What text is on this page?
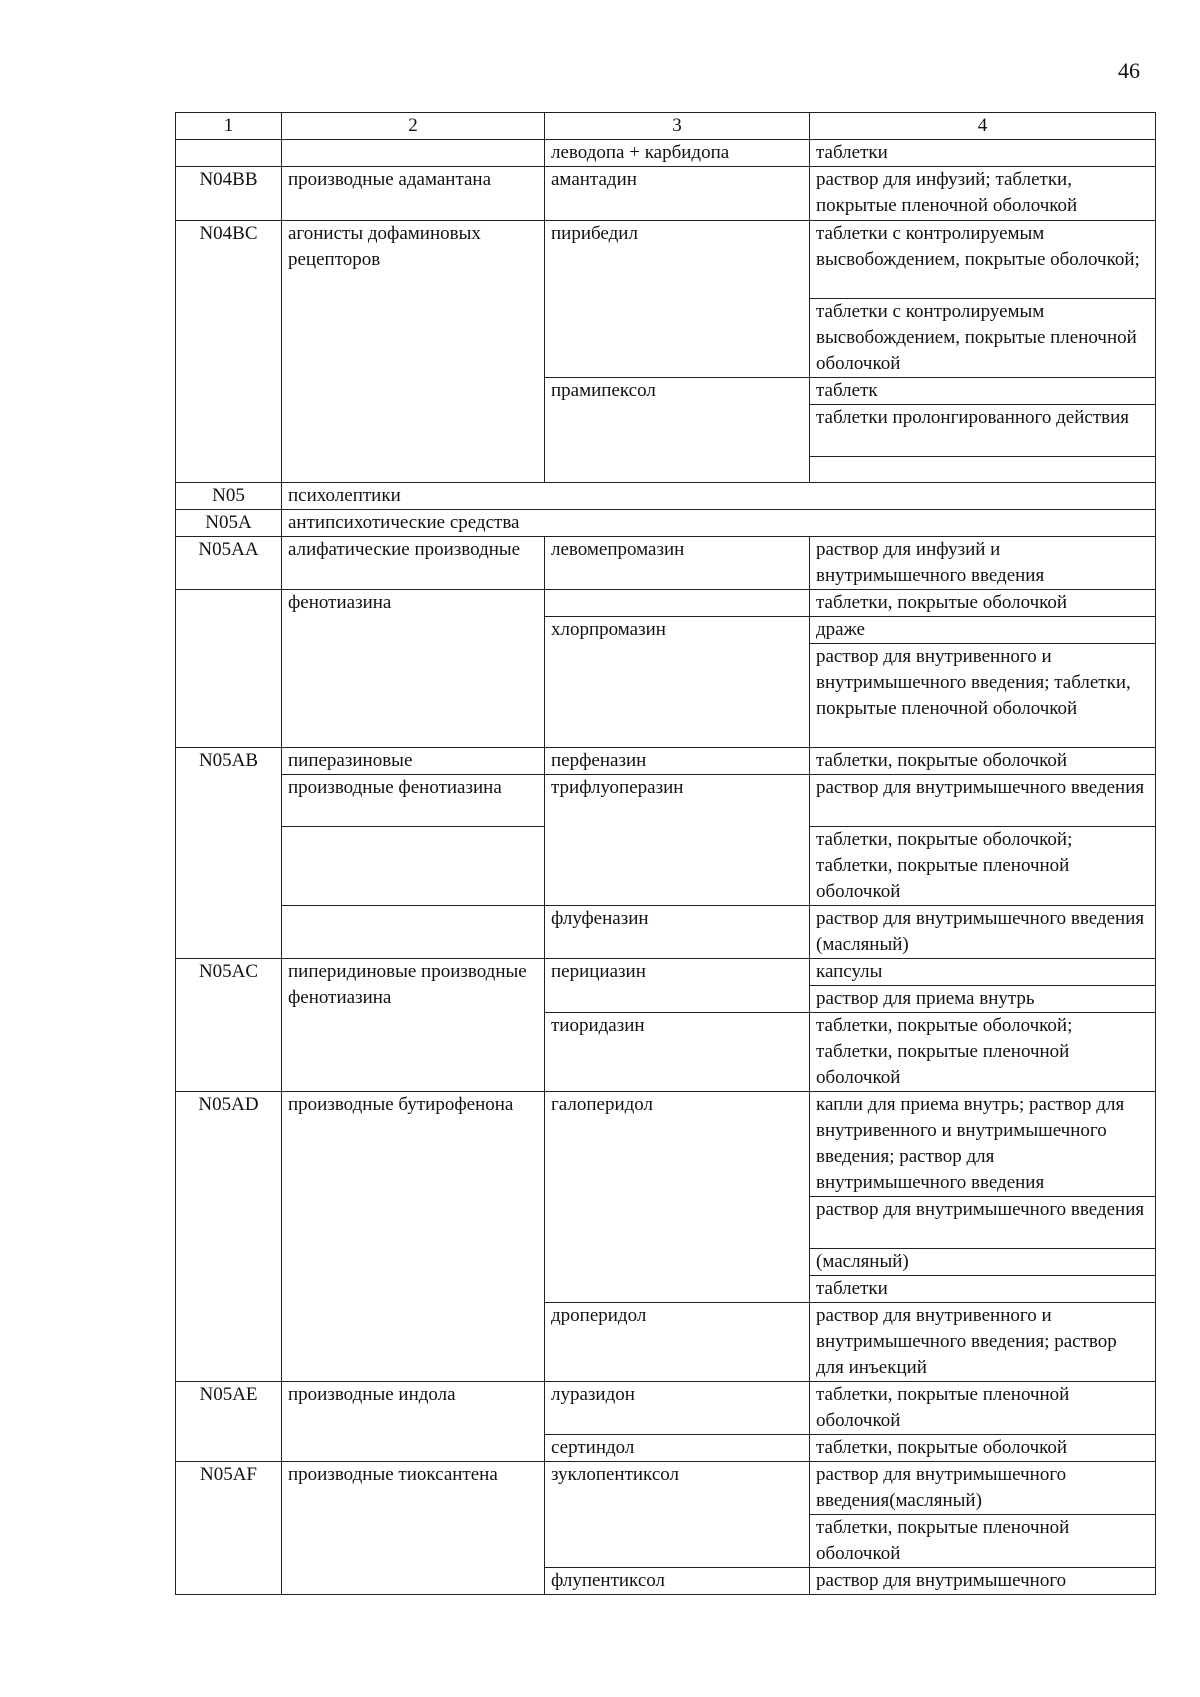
46
1	2	3	4
		леводопа + карбидопа	таблетки
N04BB	производные адамантана	амантадин	раствор для инфузий; таблетки, покрытые пленочной оболочкой
N04BC	агонисты дофаминовых рецепторов	пирибедил	таблетки с контролируемым высвобождением, покрытые оболочкой;
			таблетки с контролируемым высвобождением, покрытые пленочной оболочкой
		прамипексол	таблетк
			таблетки пролонгированного действия

N05	психолептики		
N05A	антипсихотические средства		
N05AA	алифатические производные	левомепромазин	раствор для инфузий и внутримышечного введения
	фенотиазина		таблетки, покрытые оболочкой
		хлорпромазин	драже
			раствор для внутривенного и внутримышечного введения; таблетки, покрытые пленочной оболочкой
N05AB	пиперазиновые	перфеназин	таблетки, покрытые оболочкой
	производные фенотиазина	трифлуоперазин	раствор для внутримышечного введения
			таблетки, покрытые оболочкой; таблетки, покрытые пленочной оболочкой
		флуфеназин	раствор для внутримышечного введения (масляный)
N05AC	пиперидиновые производные фенотиазина	перициазин	капсулы
			раствор для приема внутрь
		тиоридазин	таблетки, покрытые оболочкой; таблетки, покрытые пленочной оболочкой
N05AD	производные бутирофенона	галоперидол	капли для приема внутрь; раствор для внутривенного и внутримышечного введения; раствор для внутримышечного введения
			раствор для внутримышечного введения
			(масляный)
			таблетки
		дроперидол	раствор для внутривенного и внутримышечного введения; раствор для инъекций
N05AE	производные индола	луразидон	таблетки, покрытые пленочной оболочкой
		сертиндол	таблетки, покрытые оболочкой
N05AF	производные тиоксантена	зуклопентиксол	раствор для внутримышечного введения(масляный)
			таблетки, покрытые пленочной оболочкой
		флупентиксол	раствор для внутримышечного
